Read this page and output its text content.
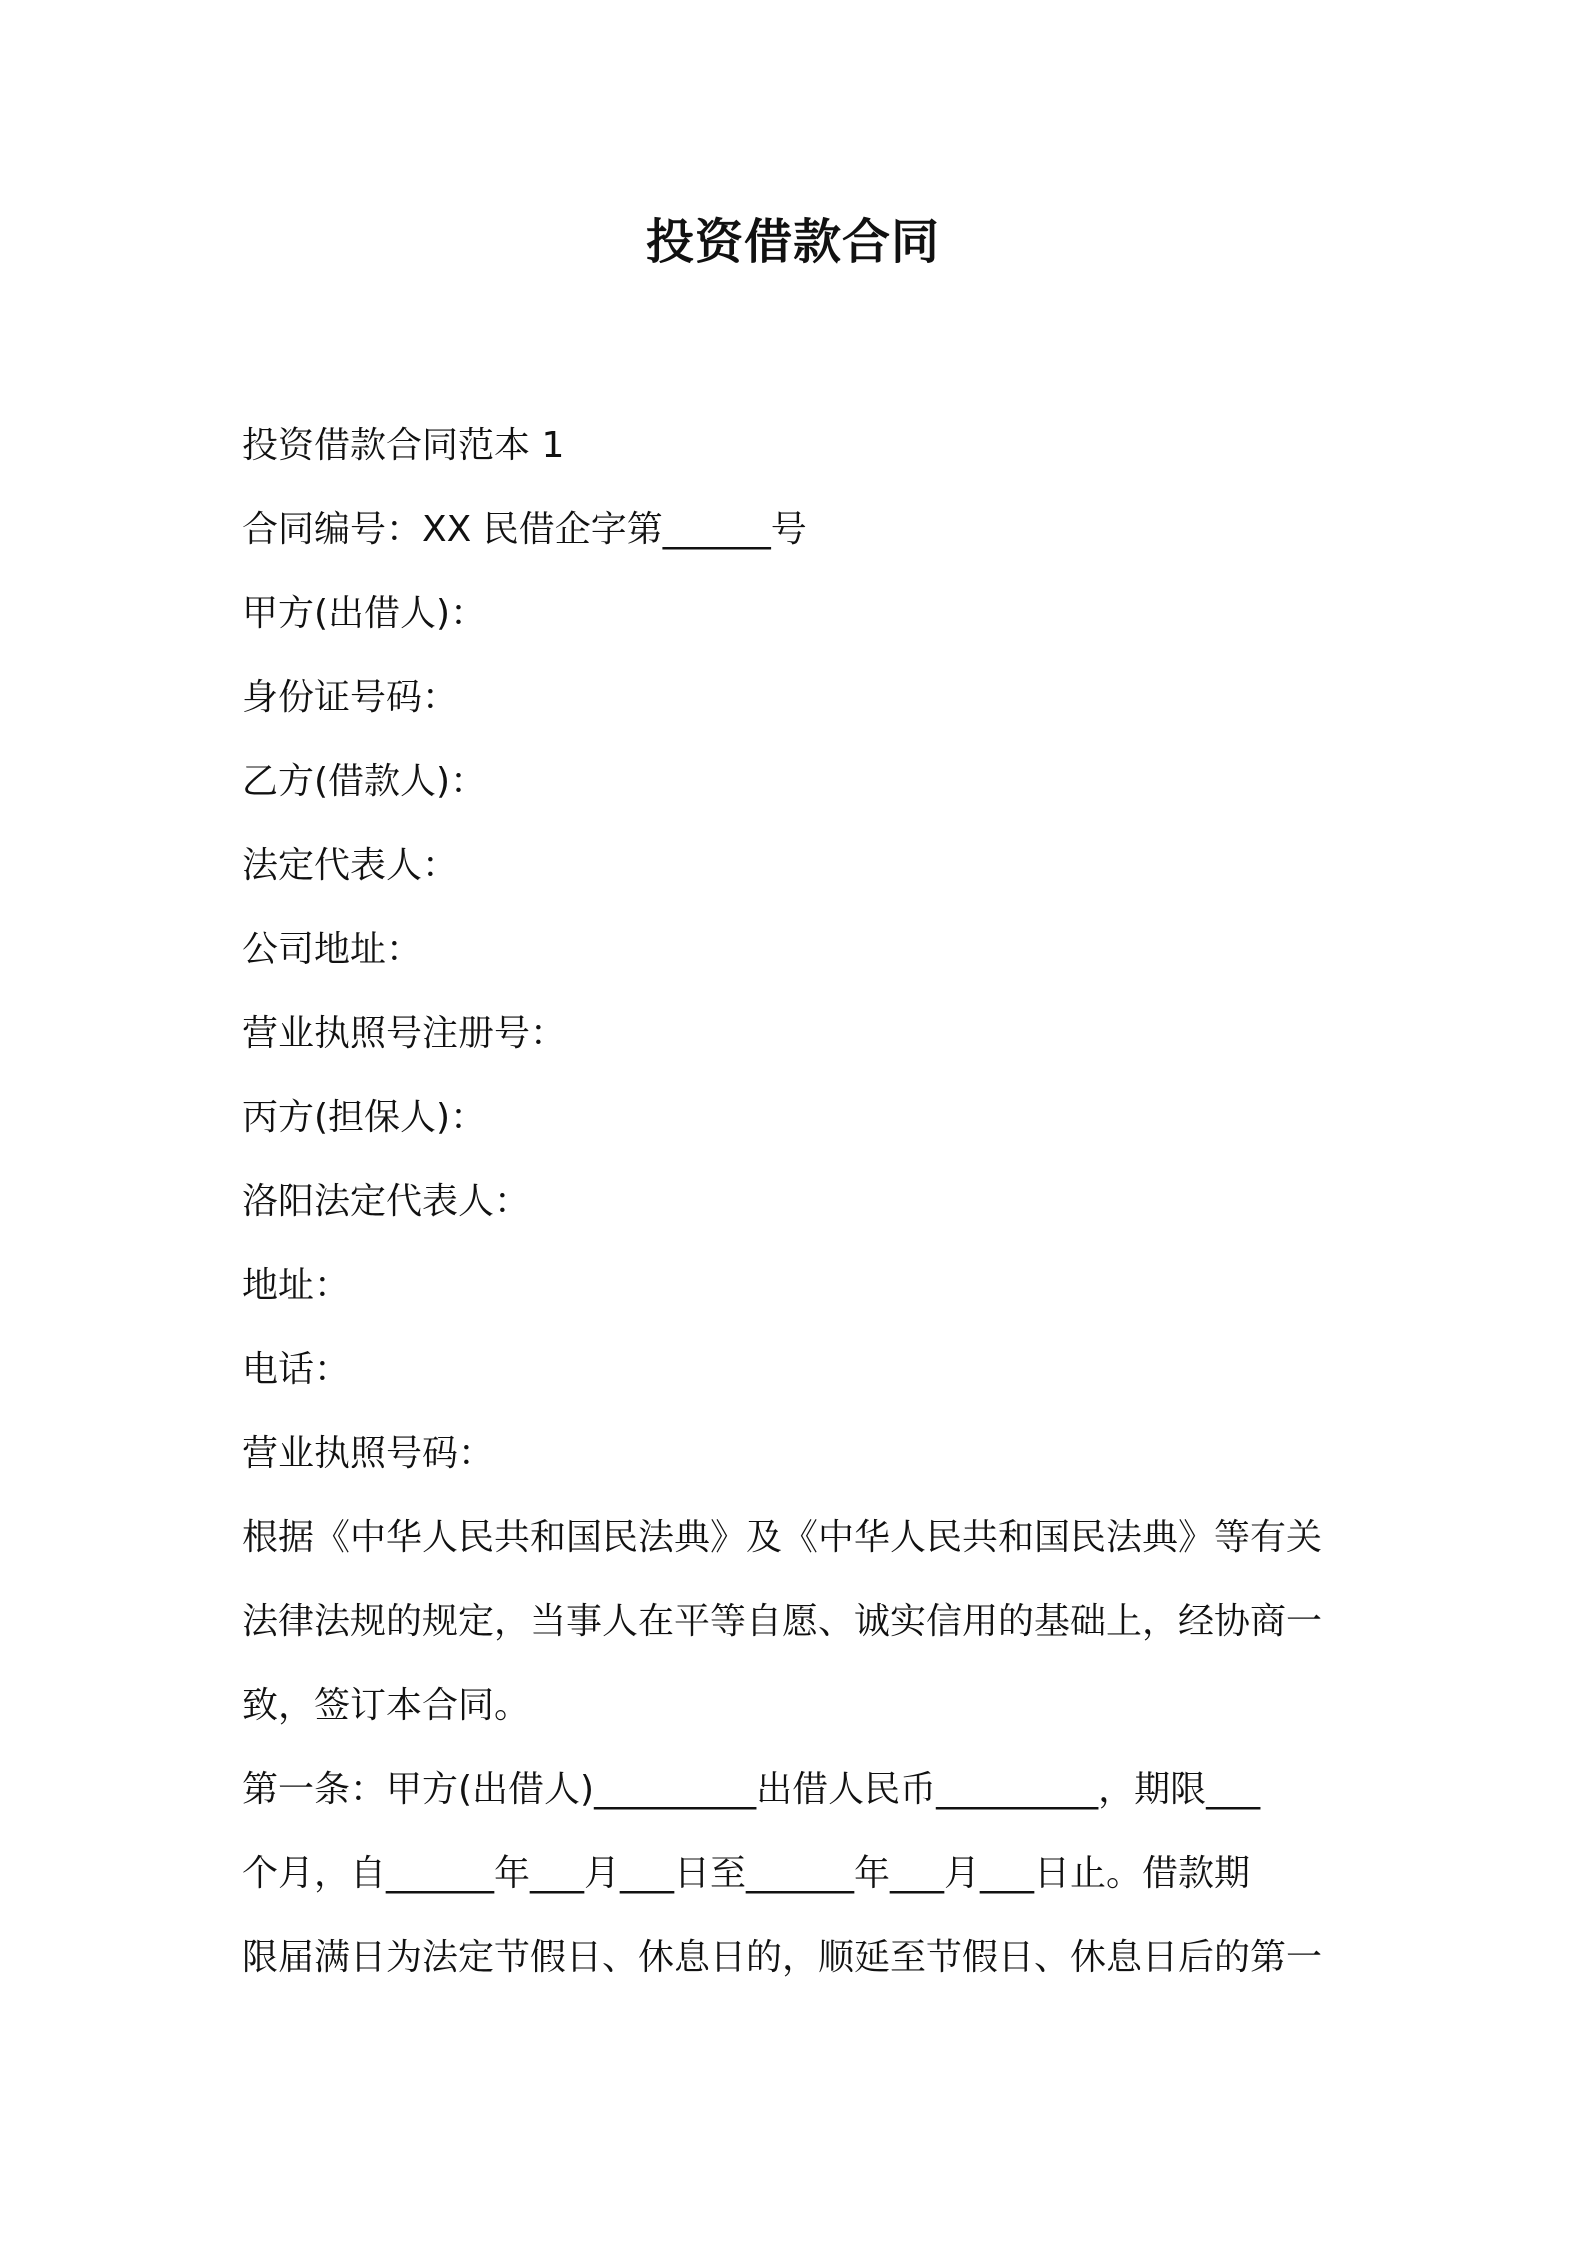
投资借款合同
投资借款合同范本 1
合同编号：XX 民借企字第______号
甲方(出借人)：
身份证号码：
乙方(借款人)：
法定代表人：
公司地址：
营业执照号注册号：
丙方(担保人)：
洛阳法定代表人：
地址：
电话：
营业执照号码：
根据《中华人民共和国民法典》及《中华人民共和国民法典》等有关
法律法规的规定，当事人在平等自愿、诚实信用的基础上，经协商一
致，签订本合同。
第一条：甲方(出借人)_________出借人民币_________，期限___
个月，自______年___月___日至______年___月___日止。借款期
限届满日为法定节假日、休息日的，顺延至节假日、休息日后的第一
